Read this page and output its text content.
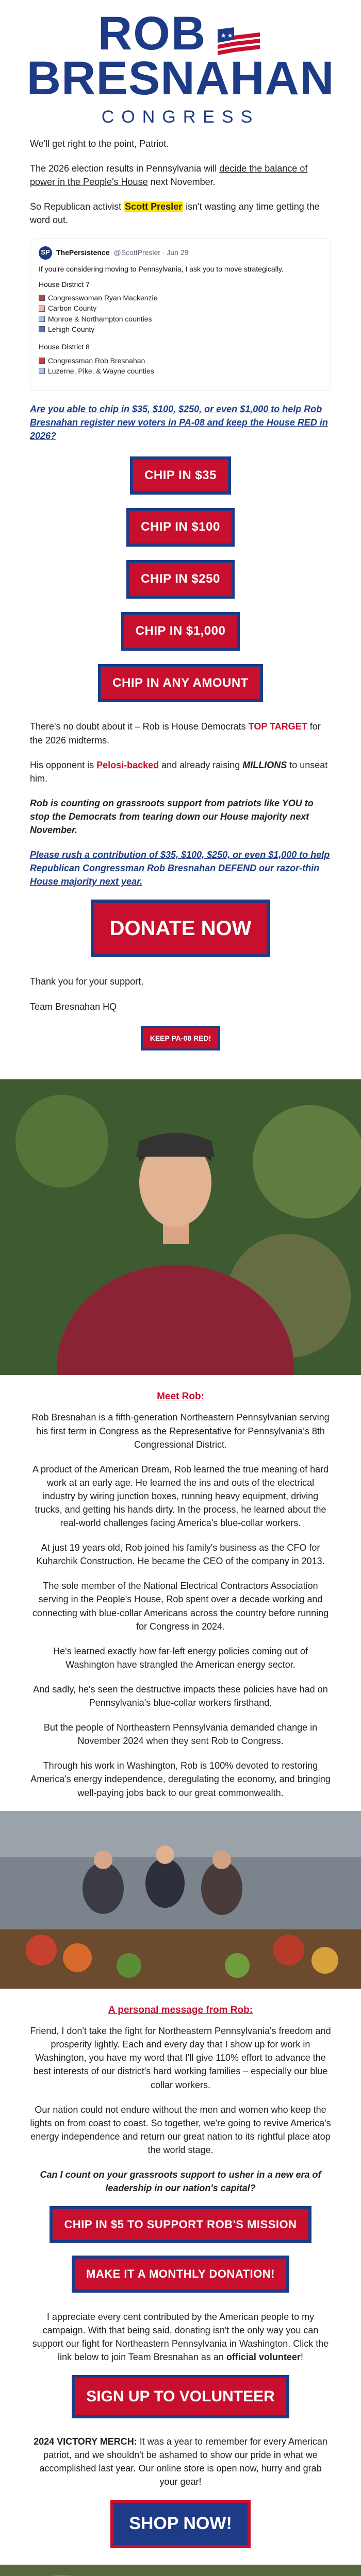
ROB ★★
BRESNAHAN
CONGRESS

We'll get right to the point, Patriot.

The 2026 election results in Pennsylvania will decide the balance of power in the People's House next November.

So Republican activist Scott Presler isn't wasting any time getting the word out.

SP ThePersistence @ScottPresler · Jun 29
If you're considering moving to Pennsylvania, I ask you to move strategically.
House District 7
Congresswoman Ryan Mackenzie
Carbon County
Monroe & Northampton counties
Lehigh County
House District 8
Congressman Rob Bresnahan
Luzerne, Pike, & Wayne counties
Are you able to chip in $35, $100, $250, or even $1,000 to help Rob Bresnahan register new voters in PA-08 and keep the House RED in 2026?
CHIP IN $35
CHIP IN $100
CHIP IN $250
CHIP IN $1,000
CHIP IN ANY AMOUNT

There's no doubt about it – Rob is House Democrats TOP TARGET for the 2026 midterms.

His opponent is Pelosi-backed and already raising MILLIONS to unseat him.

Rob is counting on grassroots support from patriots like YOU to stop the Democrats from tearing down our House majority next November.

Please rush a contribution of $35, $100, $250, or even $1,000 to help Republican Congressman Rob Bresnahan DEFEND our razor-thin House majority next year.

DONATE NOW

Thank you for your support,

Team Bresnahan HQ

KEEP PA-08 RED!
Meet Rob:

Rob Bresnahan is a fifth-generation Northeastern Pennsylvanian serving his first term in Congress as the Representative for Pennsylvania's 8th Congressional District.

A product of the American Dream, Rob learned the true meaning of hard work at an early age. He learned the ins and outs of the electrical industry by wiring junction boxes, running heavy equipment, driving trucks, and getting his hands dirty. In the process, he learned about the real-world challenges facing America's blue-collar workers.

At just 19 years old, Rob joined his family's business as the CFO for Kuharchik Construction. He became the CEO of the company in 2013.

The sole member of the National Electrical Contractors Association serving in the People's House, Rob spent over a decade working and connecting with blue-collar Americans across the country before running for Congress in 2024.

He's learned exactly how far-left energy policies coming out of Washington have strangled the American energy sector.

And sadly, he's seen the destructive impacts these policies have had on Pennsylvania's blue-collar workers firsthand.

But the people of Northeastern Pennsylvania demanded change in November 2024 when they sent Rob to Congress.

Through his work in Washington, Rob is 100% devoted to restoring America's energy independence, deregulating the economy, and bringing well-paying jobs back to our great commonwealth.

A personal message from Rob:

Friend, I don't take the fight for Northeastern Pennsylvania's freedom and prosperity lightly. Each and every day that I show up for work in Washington, you have my word that I'll give 110% effort to advance the best interests of our district's hard working families – especially our blue collar workers.

Our nation could not endure without the men and women who keep the lights on from coast to coast. So together, we're going to revive America's energy independence and return our great nation to its rightful place atop the world stage.

Can I count on your grassroots support to usher in a new era of leadership in our nation's capital?

CHIP IN $5 TO SUPPORT ROB'S MISSION
MAKE IT A MONTHLY DONATION!

I appreciate every cent contributed by the American people to my campaign. With that being said, donating isn't the only way you can support our fight for Northeastern Pennsylvania in Washington. Click the link below to join Team Bresnahan as an official volunteer!

SIGN UP TO VOLUNTEER

2024 VICTORY MERCH: It was a year to remember for every American patriot, and we shouldn't be ashamed to show our pride in what we accomplished last year. Our online store is open now, hurry and grab your gear!

SHOP NOW!
